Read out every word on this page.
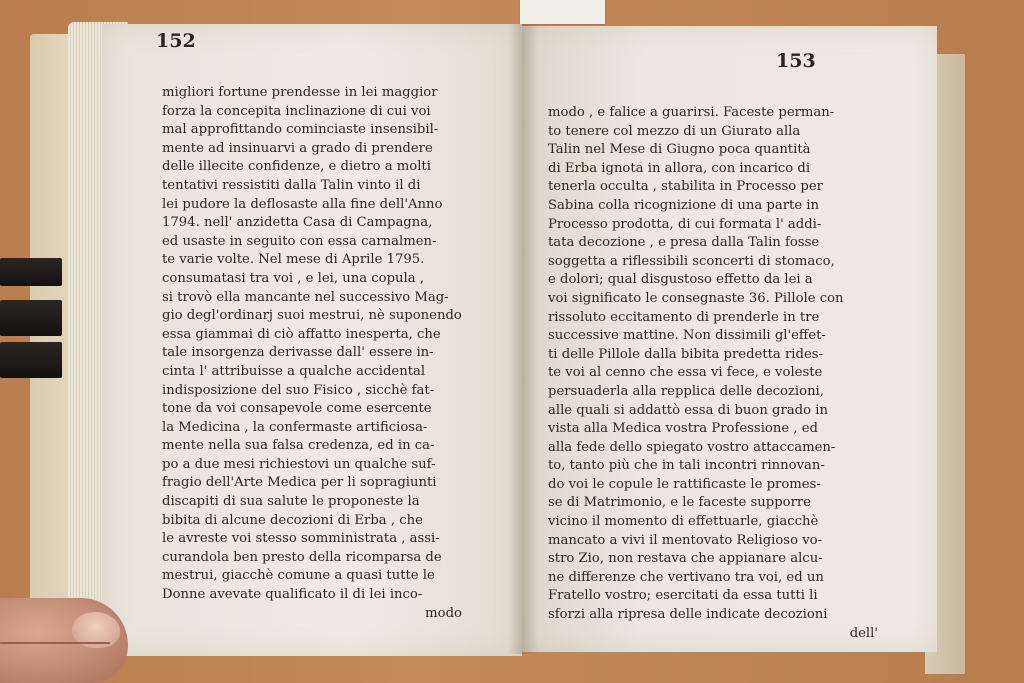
152
153
migliori fortune prendesse in lei maggior
forza la concepita inclinazione di cui voi
mal approfittando cominciaste insensibil-
mente ad insinuarvi a grado di prendere
delle illecite confidenze, e dietro a molti
tentativi ressistiti dalla Talin vinto il di
lei pudore la deflosaste alla fine dell'Anno
1794. nell' anzidetta Casa di Campagna,
ed usaste in seguito con essa carnalmen-
te varie volte. Nel mese di Aprile 1795.
consumatasi tra voi , e lei, una copula ,
si trovò ella mancante nel successivo Mag-
gio degl'ordinarj suoi mestrui, nè suponendo
essa giammai di ciò affatto inesperta, che
tale insorgenza derivasse dall' essere in-
cinta l' attribuisse a qualche accidental
indisposizione del suo Fisico , sicchè fat-
tone da voi consapevole come esercente
la Medicina , la confermaste artificiosa-
mente nella sua falsa credenza, ed in ca-
po a due mesi richiestovi un qualche suf-
fragio dell'Arte Medica per li sopragiunti
discapiti di sua salute le proponeste la
bibita di alcune decozioni di Erba , che
le avreste voi stesso somministrata , assi-
curandola ben presto della ricomparsa de
mestrui, giacchè comune a quasi tutte le
Donne avevate qualificato il di lei inco-
modo
modo , e falice a guarirsi. Faceste perman-
to tenere col mezzo di un Giurato alla
Talin nel Mese di Giugno poca quantità
di Erba ignota in allora, con incarico di
tenerla occulta , stabilita in Processo per
Sabina colla ricognizione di una parte in
Processo prodotta, di cui formata l' addi-
tata decozione , e presa dalla Talin fosse
soggetta a riflessibili sconcerti di stomaco,
e dolori; qual disgustoso effetto da lei a
voi significato le consegnaste 36. Pillole con
rissoluto eccitamento di prenderle in tre
successive mattine. Non dissimili gl'effet-
ti delle Pillole dalla bibita predetta rides-
te voi al cenno che essa vi fece, e voleste
persuaderla alla repplica delle decozioni,
alle quali si addattò essa di buon grado in
vista alla Medica vostra Professione , ed
alla fede dello spiegato vostro attaccamen-
to, tanto più che in tali incontri rinnovan-
do voi le copule le rattificaste le promes-
se di Matrimonio, e le faceste supporre
vicino il momento di effettuarle, giacchè
mancato a vivi il mentovato Religioso vo-
stro Zio, non restava che appianare alcu-
ne differenze che vertivano tra voi, ed un
Fratello vostro; esercitati da essa tutti li
sforzi alla ripresa delle indicate decozioni
dell'
